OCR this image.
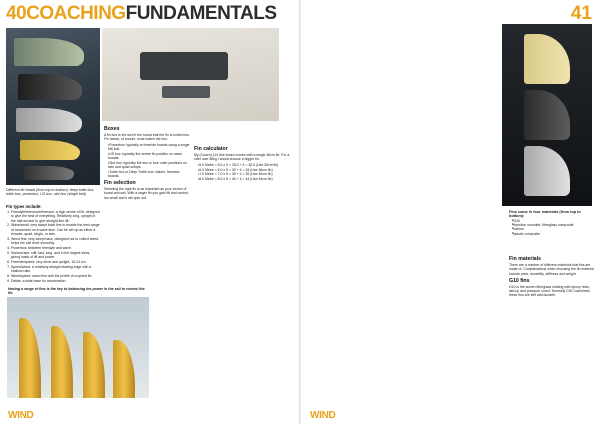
40COACHINGFUNDAMENTALS
Different fin heads (from top to bottom): deep tuttle box, tuttle box, powerbox, US box, slot box (single bolt)
Fin types include:
1. Freestyle/freemove/freerace: a high centre of lift, designed to give the best of everything. Relatively long, upright in the mid-section to give straight-line lift.
2. Wave/small: very swept back fins to enable the best range of movement on a wave face. Can be set up as either a thruster, quad, single, or twin.
3. Weed fins: very swept back, designed not to collect weed, helps the sail drive smoothly.
4. Powerbox: between freestyle and wave.
5. Slalom/race: stiff, fast, long, and in the largest sizes, giving loads of lift and power.
6. Freeride/speed: very short and upright, 15-24 cm.
7. Speed/weed: a relatively straight leading edge with a shallow rake.
8. Weed/speed: weed fins with the profile of a speed fin.
9. Deltas: a wide base for acceleration.
Boxes

A fin box is the slot in the board that the fin is bolted into. Fin heads, of course, must match the box.

• Powerbox: typically on freeride boards using a single M6 bolt.
• US box: typically the centre fin position on wave boards.
• Slot box: typically the two or four outer positions on twin and quad setups.
• Tuttle box or Deep Tuttle box: slalom, freerace boards.
Fin selection

Selecting the right fin is as important as your choice of board and sail. With a larger fin you gain lift and control; too small and it will spin out.

Having a range of fins is the key to balancing the power in the sail to control the fin.
Fin calculator

My (Coach) 114 litre board comes with a single 36cm fin. For a rider over 80kg I would choose a bigger fin.

• 5.0 Metre = 5.0 x 5 = 25.0 + 4 = 30.0 (Use 30cm fin)
• 6.0 Metre = 6.0 x 5 = 30 + 4 = 34 (Use 36cm fin)
• 7.0 Metre = 7.0 x 5 = 35 + 4 = 39 (Use 40cm fin)
• 8.0 Metre = 8.0 x 5 = 40 + 4 = 44 (Use 44cm fin)
WIND
41
Fins come in four materials (from top to bottom):
■ G10
■ injection moulded, fibreglass composite
■ carbon
■ plastic composite
Fin materials

There are a number of different materials that fins are made of. Considerations when choosing the fin material include price, durability, stiffness and weight.

G10 fins

G10 is the woven fibreglass matting with epoxy resin, laid up and pressure cured. Normally CNC machined, these fins are stiff and durable.

WIND
